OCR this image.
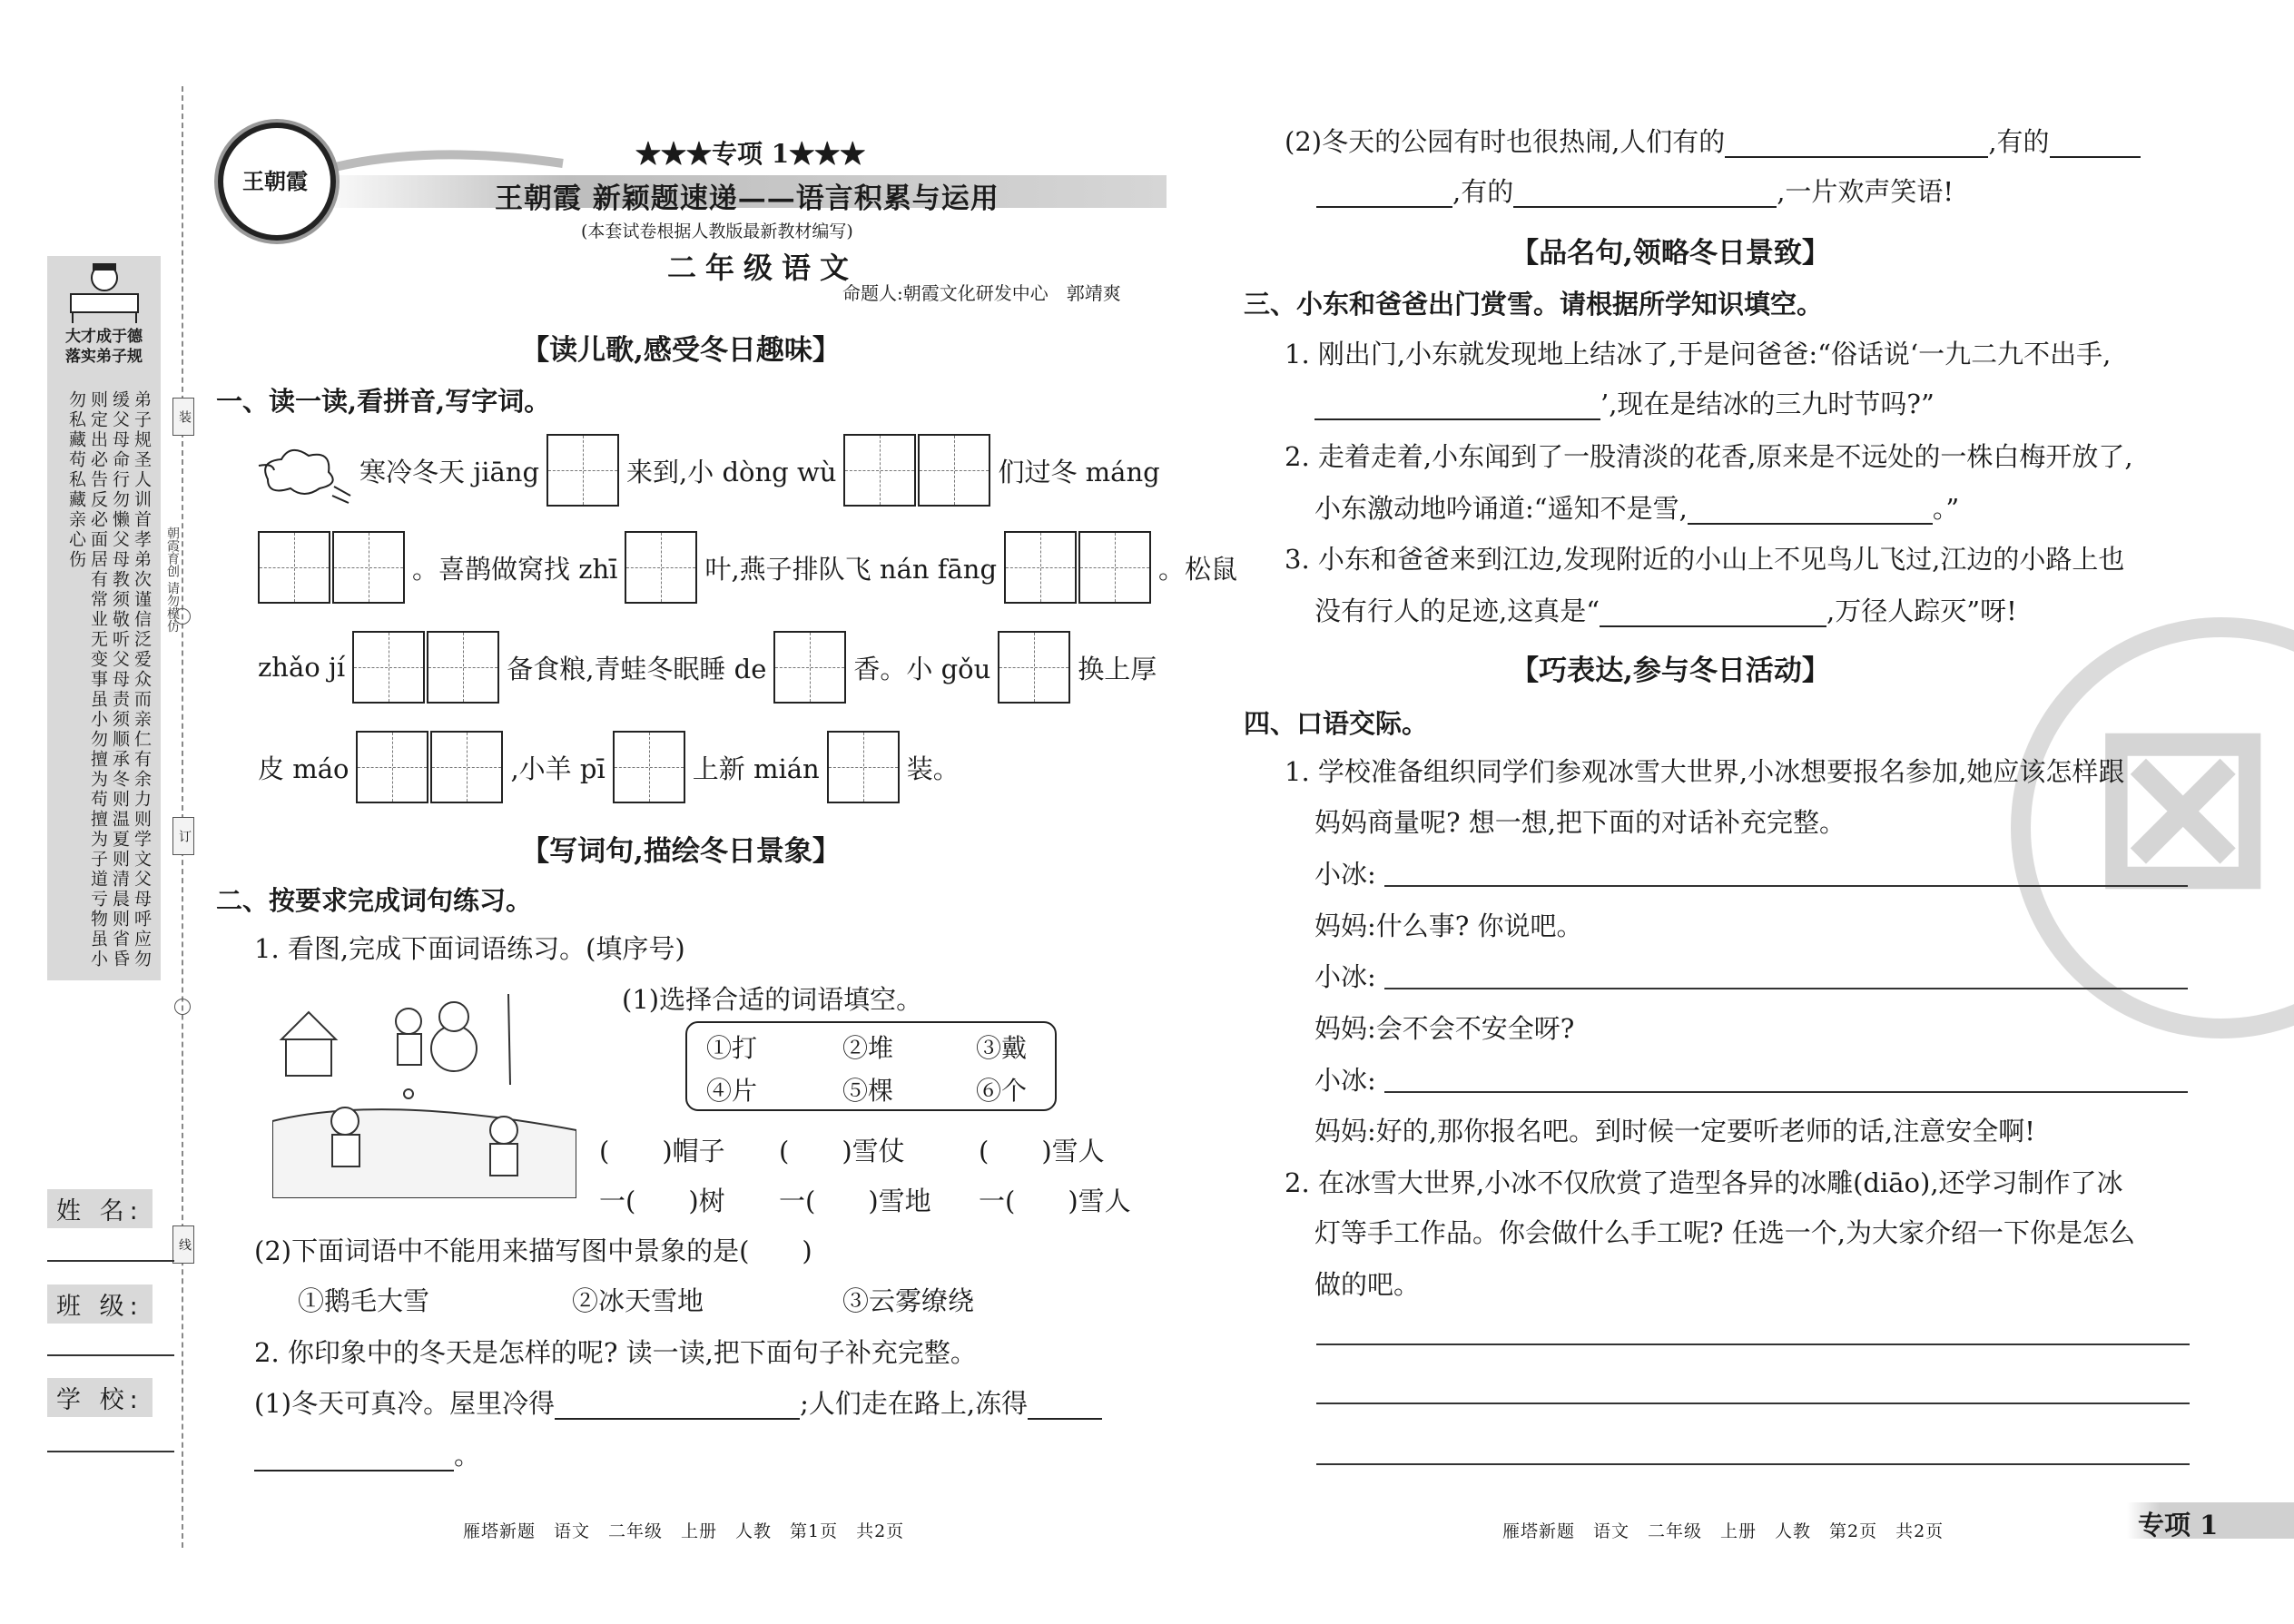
大才成于德
落实弟子规
弟子规圣人训首孝弟次谨信泛爱众而亲仁有余力则学文父母呼应勿缓父母命行勿懒父母教须敬听父母责须顺承冬则温夏则清晨则省昏则定出必告反必面居有常业无变事虽小勿擅为苟擅为子道亏物虽小勿私藏苟私藏亲心伤	装
朝霞育创 请勿模仿
订
线
姓 名:
班 级:
学 校:
王朝霞
★★★专项 1★★★
王朝霞 新颖题速递——语言积累与运用
(本套试卷根据人教版最新教材编写)
二年级语文
命题人:朝霞文化研发中心　郭靖爽
【读儿歌,感受冬日趣味】
一、读一读,看拼音,写字词。
寒冷冬天 jiāng	来到,小 dòng wù	们过冬 máng
。喜鹊做窝找 zhī	叶,燕子排队飞 nán fāng	。松鼠
zhǎo jí	备食粮,青蛙冬眠睡 de	香。小 gǒu	换上厚
皮 máo	,小羊 pī	上新 mián	装。
【写词句,描绘冬日景象】
二、按要求完成词句练习。
1. 看图,完成下面词语练习。(填序号)
(1)选择合适的词语填空。
①打	②堆	③戴
④片	⑤棵	⑥个
(　　)帽子 (　　)雪仗	(　　)雪人
一(　　)树 一(　　)雪地 一(　　)雪人
(2)下面词语中不能用来描写图中景象的是(　　)
①鹅毛大雪	②冰天雪地	③云雾缭绕
2. 你印象中的冬天是怎样的呢? 读一读,把下面句子补充完整。
(1)冬天可真冷。屋里冷得	;人们走在路上,冻得
。
雁塔新题　语文　二年级　上册　人教　第1页　共2页
⊠
(2)冬天的公园有时也很热闹,人们有的	,有的
,有的	,一片欢声笑语!
【品名句,领略冬日景致】
三、小东和爸爸出门赏雪。请根据所学知识填空。
1. 刚出门,小东就发现地上结冰了,于是问爸爸:“俗话说‘一九二九不出手,
’,现在是结冰的三九时节吗?”
2. 走着走着,小东闻到了一股清淡的花香,原来是不远处的一株白梅开放了,
小东激动地吟诵道:“遥知不是雪,	。”
3. 小东和爸爸来到江边,发现附近的小山上不见鸟儿飞过,江边的小路上也
没有行人的足迹,这真是“	,万径人踪灭”呀!
【巧表达,参与冬日活动】
四、口语交际。
1. 学校准备组织同学们参观冰雪大世界,小冰想要报名参加,她应该怎样跟
妈妈商量呢? 想一想,把下面的对话补充完整。
小冰:
妈妈:什么事? 你说吧。
小冰:
妈妈:会不会不安全呀?
小冰:
妈妈:好的,那你报名吧。到时候一定要听老师的话,注意安全啊!
2. 在冰雪大世界,小冰不仅欣赏了造型各异的冰雕(diāo),还学习制作了冰
灯等手工作品。你会做什么手工呢? 任选一个,为大家介绍一下你是怎么
做的吧。
雁塔新题　语文　二年级　上册　人教　第2页　共2页	专项 1
